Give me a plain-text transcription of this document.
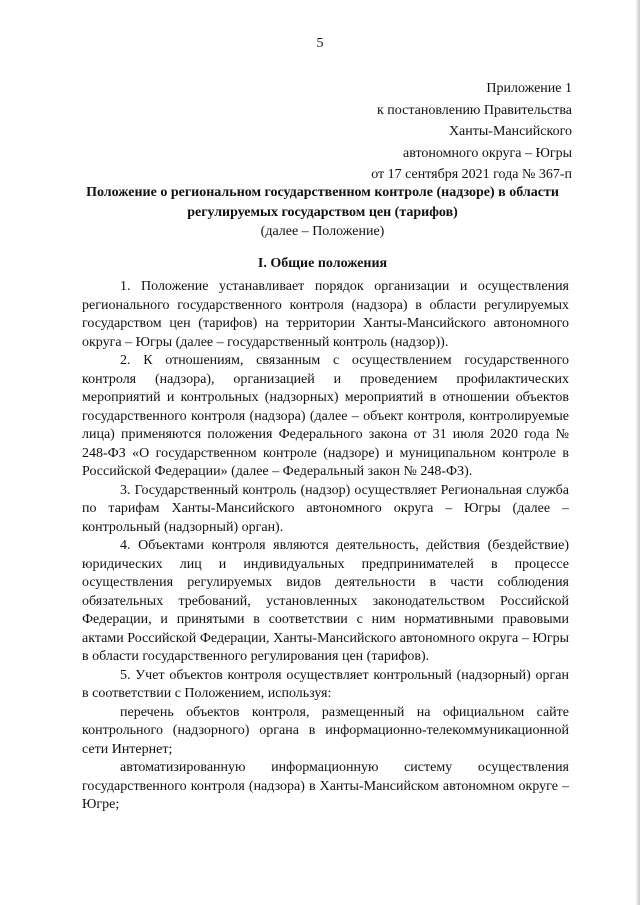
5
Приложение 1
к постановлению Правительства
Ханты-Мансийского
автономного округа – Югры
от 17 сентября 2021 года № 367-п
Положение о региональном государственном контроле (надзоре) в области регулируемых государством цен (тарифов)
(далее – Положение)
I. Общие положения

1. Положение устанавливает порядок организации и осуществления регионального государственного контроля (надзора) в области регулируемых государством цен (тарифов) на территории Ханты-Мансийского автономного округа – Югры (далее – государственный контроль (надзор)).

2. К отношениям, связанным с осуществлением государственного контроля (надзора), организацией и проведением профилактических мероприятий и контрольных (надзорных) мероприятий в отношении объектов государственного контроля (надзора) (далее – объект контроля, контролируемые лица) применяются положения Федерального закона от 31 июля 2020 года № 248-ФЗ «О государственном контроле (надзоре) и муниципальном контроле в Российской Федерации» (далее – Федеральный закон № 248-ФЗ).

3. Государственный контроль (надзор) осуществляет Региональная служба по тарифам Ханты-Мансийского автономного округа – Югры (далее – контрольный (надзорный) орган).

4. Объектами контроля являются деятельность, действия (бездействие) юридических лиц и индивидуальных предпринимателей в процессе осуществления регулируемых видов деятельности в части соблюдения обязательных требований, установленных законодательством Российской Федерации, и принятыми в соответствии с ним нормативными правовыми актами Российской Федерации, Ханты-Мансийского автономного округа – Югры в области государственного регулирования цен (тарифов).

5. Учет объектов контроля осуществляет контрольный (надзорный) орган в соответствии с Положением, используя:

перечень объектов контроля, размещенный на официальном сайте контрольного (надзорного) органа в информационно-телекоммуникационной сети Интернет;

автоматизированную информационную систему осуществления государственного контроля (надзора) в Ханты-Мансийском автономном округе – Югре;
